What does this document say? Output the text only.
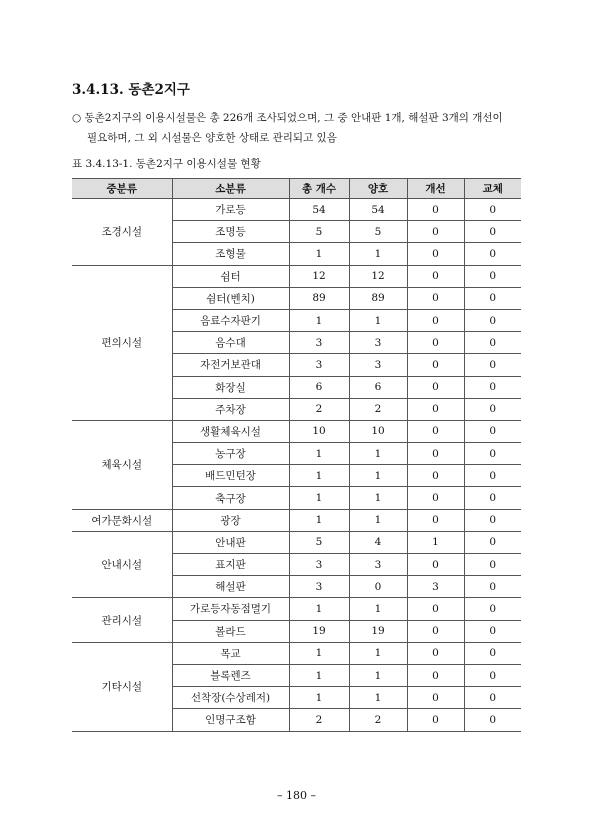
3.4.13. 동촌2지구
○ 동촌2지구의 이용시설물은 총 226개 조사되었으며, 그 중 안내판 1개, 해설판 3개의 개선이
필요하며, 그 외 시설물은 양호한 상태로 관리되고 있음
표 3.4.13-1. 동촌2지구 이용시설물 현황
중분류	소분류	총 개수	양호	개선	교체
조경시설	가로등	54	54	0	0
	조명등	5	5	0	0
	조형물	1	1	0	0
편의시설	쉼터	12	12	0	0
	쉼터(벤치)	89	89	0	0
	음료수자판기	1	1	0	0
	음수대	3	3	0	0
	자전거보관대	3	3	0	0
	화장실	6	6	0	0
	주차장	2	2	0	0
체육시설	생활체육시설	10	10	0	0
	농구장	1	1	0	0
	배드민턴장	1	1	0	0
	축구장	1	1	0	0
여가문화시설	광장	1	1	0	0
안내시설	안내판	5	4	1	0
	표지판	3	3	0	0
	해설판	3	0	3	0
관리시설	가로등자동점멸기	1	1	0	0
	볼라드	19	19	0	0
기타시설	목교	1	1	0	0
	블록렌즈	1	1	0	0
	선착장(수상레저)	1	1	0	0
	인명구조함	2	2	0	0
– 180 –
